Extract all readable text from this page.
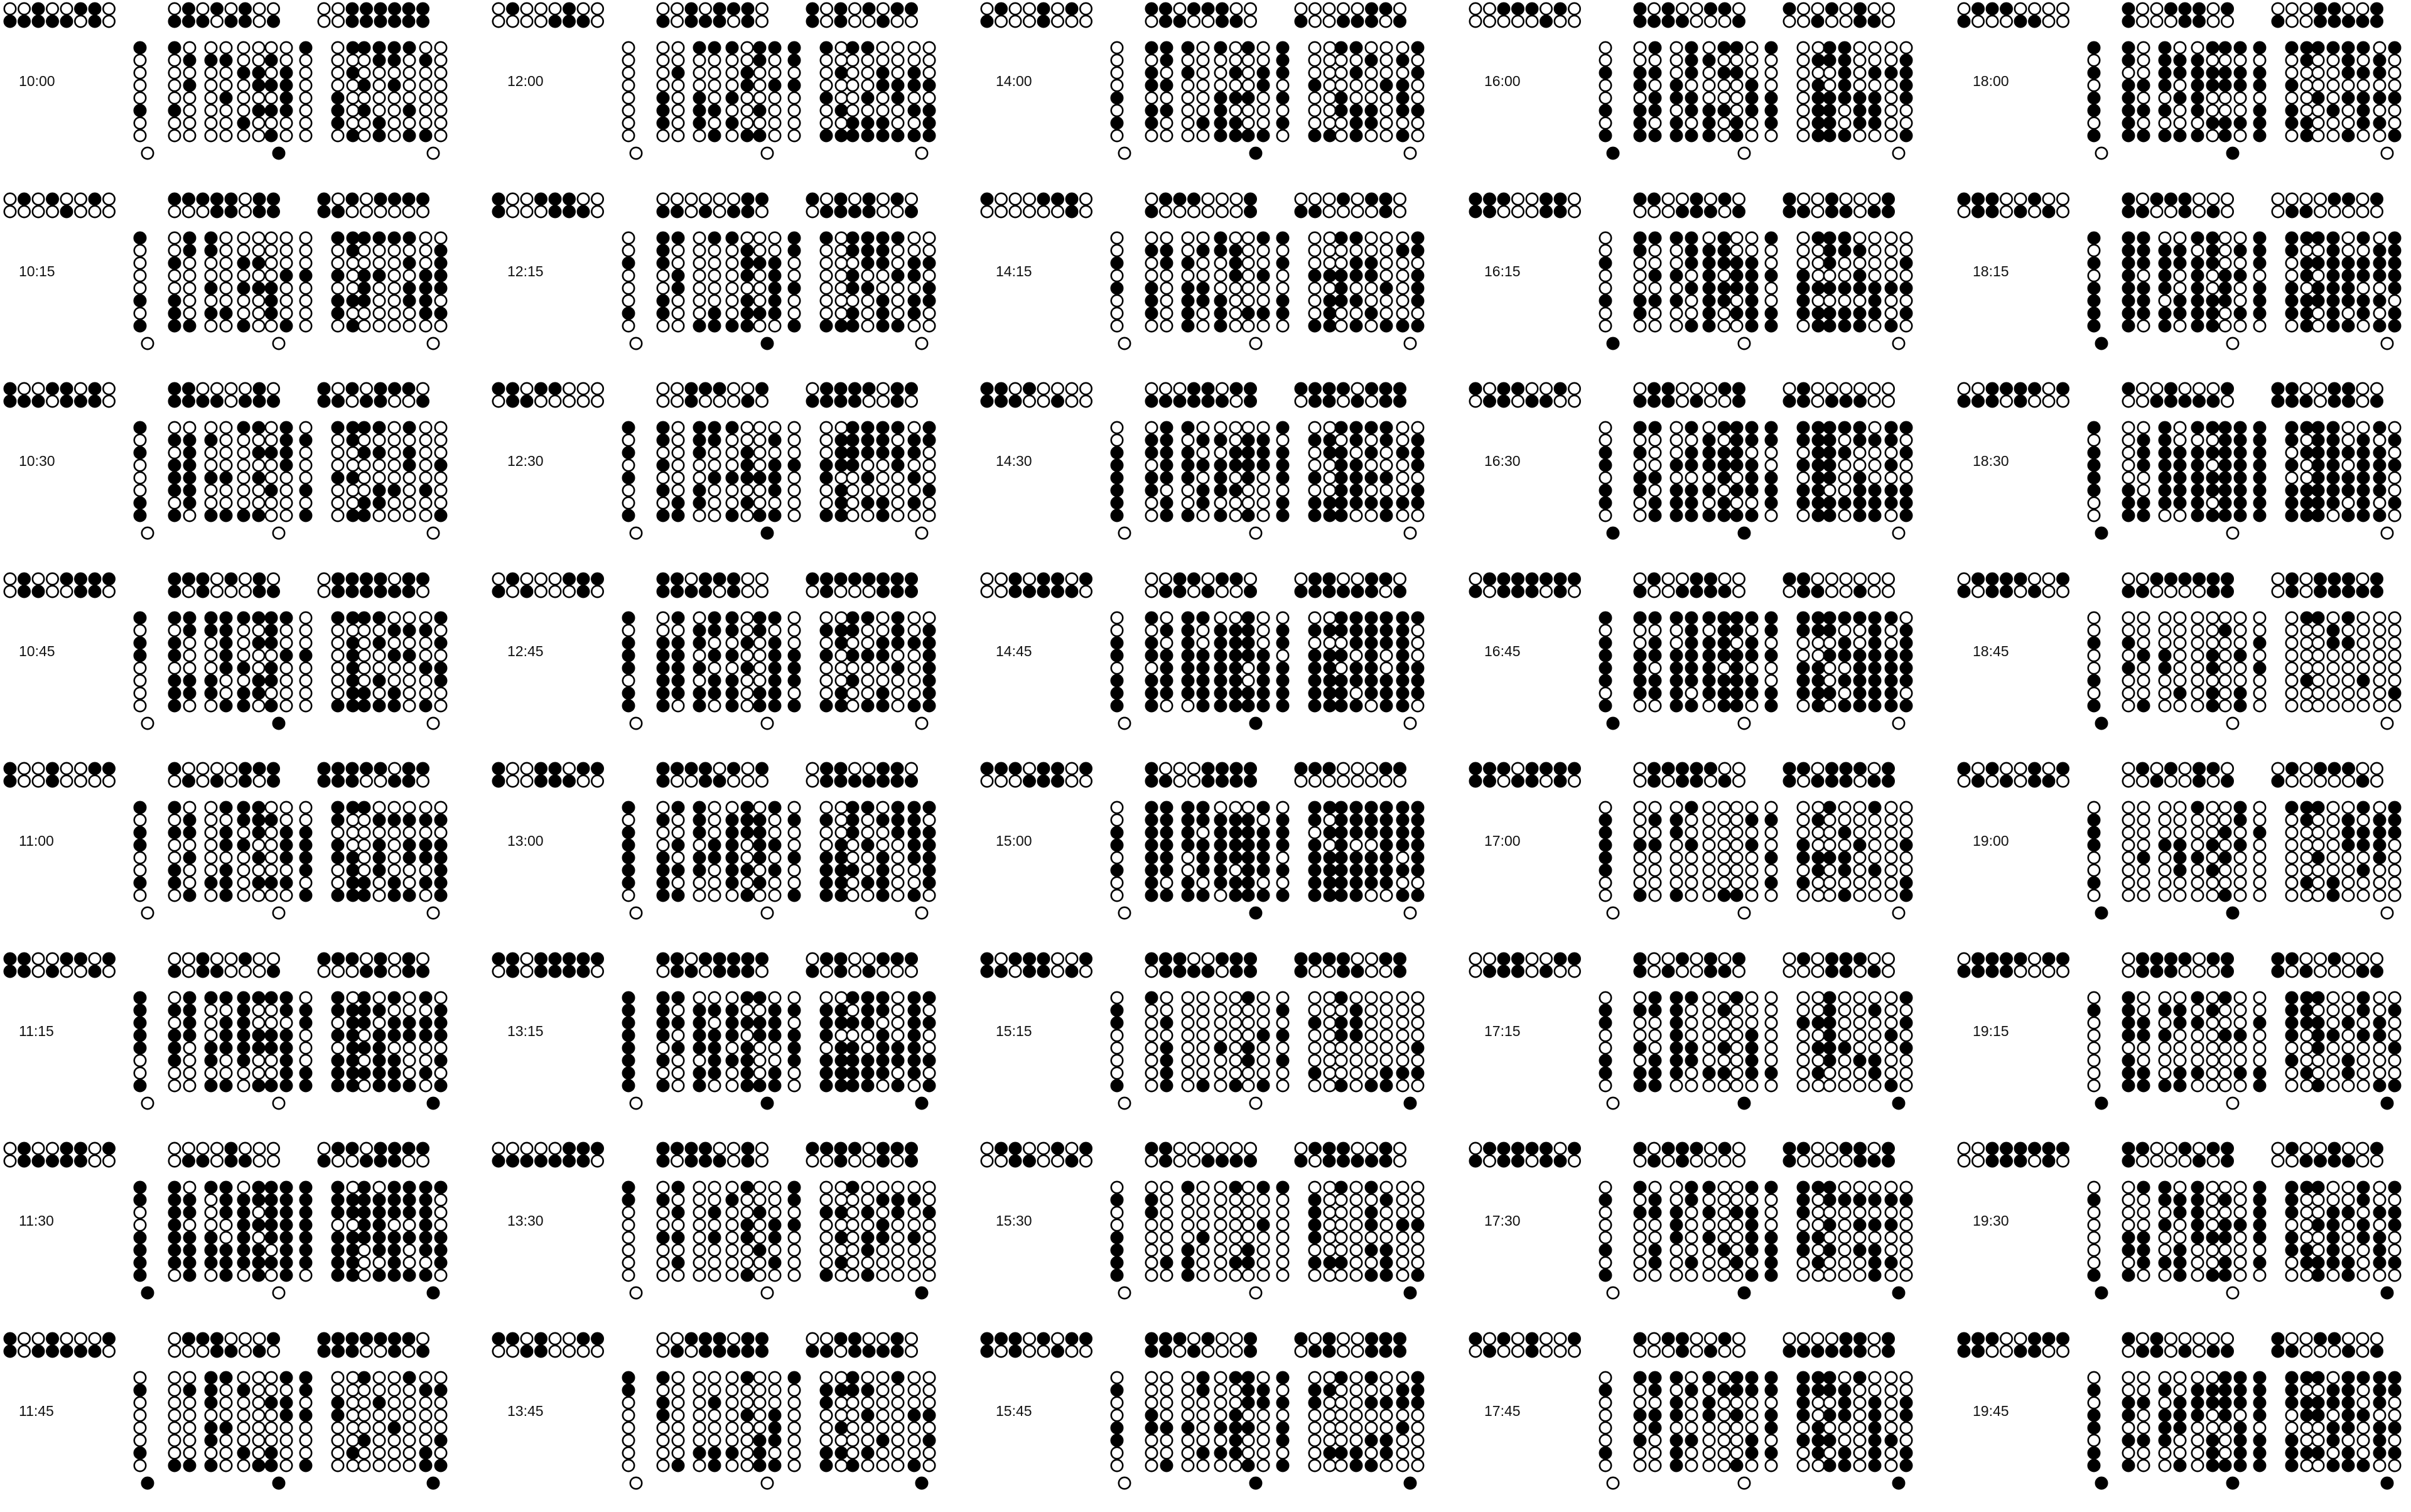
10:00	12:00	14:00	16:00	18:00
10:15	12:15	14:15	16:15	18:15
10:30	12:30	14:30	16:30	18:30
10:45	12:45	14:45	16:45	18:45
11:00	13:00	15:00	17:00	19:00
11:15	13:15	15:15	17:15	19:15
11:30	13:30	15:30	17:30	19:30
11:45	13:45	15:45	17:45	19:45
